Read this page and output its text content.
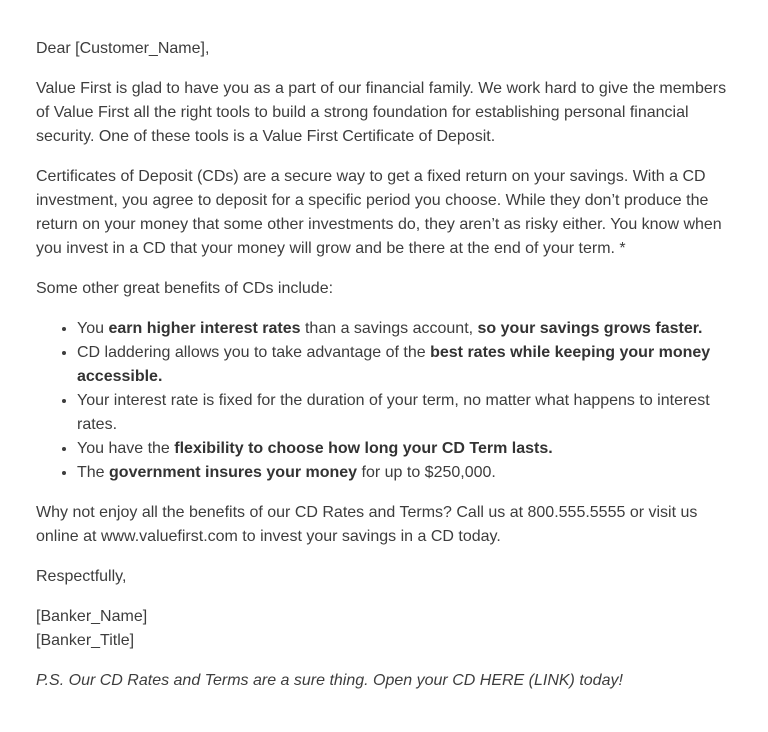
Dear [Customer_Name],

Value First is glad to have you as a part of our financial family. We work hard to give the members of Value First all the right tools to build a strong foundation for establishing personal financial security. One of these tools is a Value First Certificate of Deposit.

Certificates of Deposit (CDs) are a secure way to get a fixed return on your savings. With a CD investment, you agree to deposit for a specific period you choose. While they don’t produce the return on your money that some other investments do, they aren’t as risky either. You know when you invest in a CD that your money will grow and be there at the end of your term. *

Some other great benefits of CDs include:

• You earn higher interest rates than a savings account, so your savings grows faster.
• CD laddering allows you to take advantage of the best rates while keeping your money accessible.
• Your interest rate is fixed for the duration of your term, no matter what happens to interest rates.
• You have the flexibility to choose how long your CD Term lasts.
• The government insures your money for up to $250,000.

Why not enjoy all the benefits of our CD Rates and Terms? Call us at 800.555.5555 or visit us online at www.valuefirst.com to invest your savings in a CD today.

Respectfully,

[Banker_Name]
[Banker_Title]

P.S. Our CD Rates and Terms are a sure thing. Open your CD HERE (LINK) today!
